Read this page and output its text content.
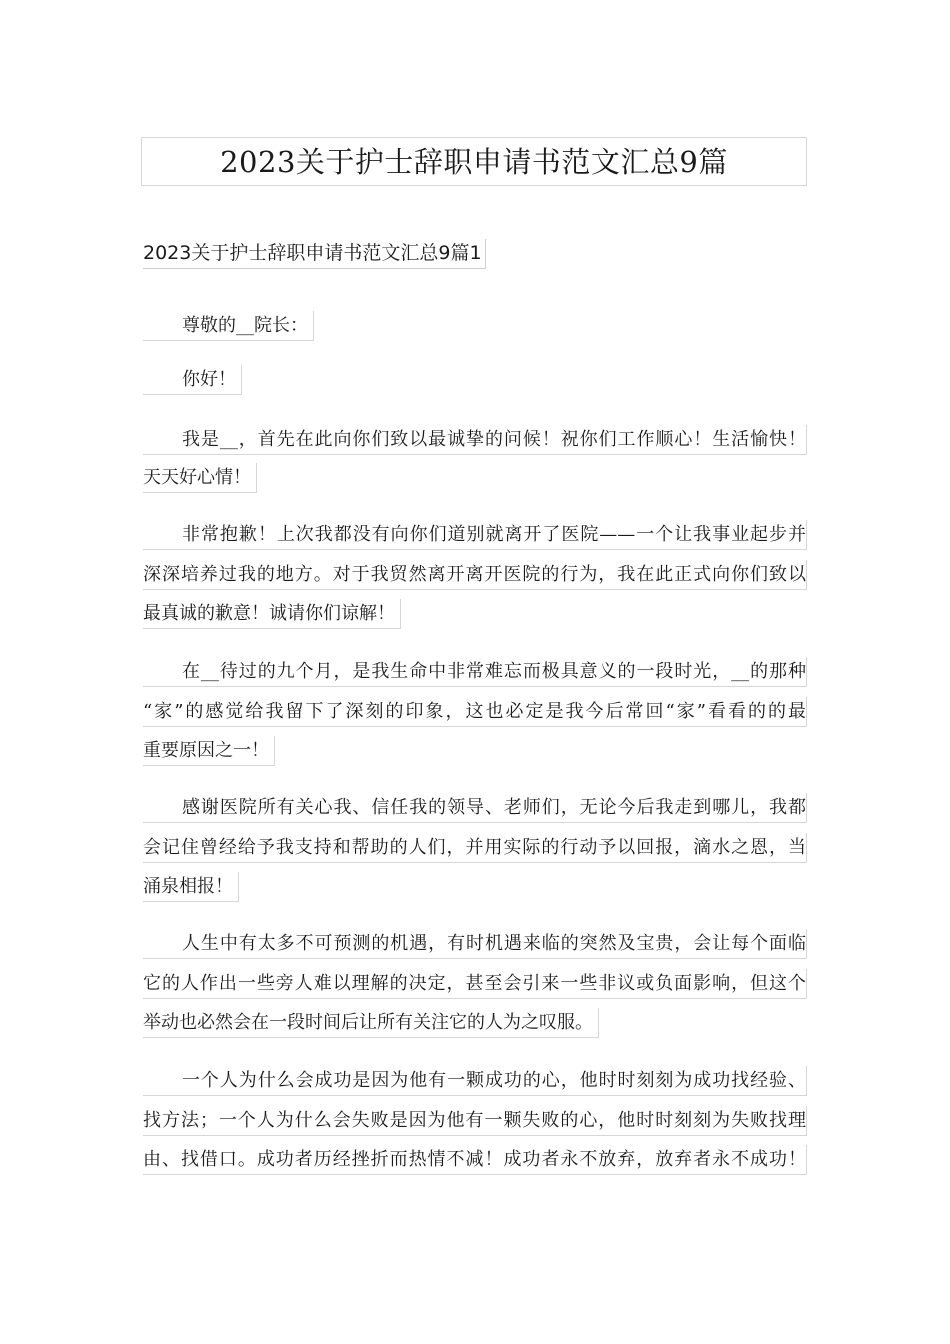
2023关于护士辞职申请书范文汇总9篇
2023关于护士辞职申请书范文汇总9篇1
尊敬的__院长：
你好！
我是__，首先在此向你们致以最诚挚的问候！祝你们工作顺心！生活愉快！
天天好心情！
非常抱歉！上次我都没有向你们道别就离开了医院——一个让我事业起步并
深深培养过我的地方。对于我贸然离开离开医院的行为，我在此正式向你们致以
最真诚的歉意！诚请你们谅解！
在__待过的九个月，是我生命中非常难忘而极具意义的一段时光，__的那种
“家”的感觉给我留下了深刻的印象，这也必定是我今后常回“家”看看的的最
重要原因之一！
感谢医院所有关心我、信任我的领导、老师们，无论今后我走到哪儿，我都
会记住曾经给予我支持和帮助的人们，并用实际的行动予以回报，滴水之恩，当
涌泉相报！
人生中有太多不可预测的机遇，有时机遇来临的突然及宝贵，会让每个面临
它的人作出一些旁人难以理解的决定，甚至会引来一些非议或负面影响，但这个
举动也必然会在一段时间后让所有关注它的人为之叹服。
一个人为什么会成功是因为他有一颗成功的心，他时时刻刻为成功找经验、
找方法；一个人为什么会失败是因为他有一颗失败的心，他时时刻刻为失败找理
由、找借口。成功者历经挫折而热情不减！成功者永不放弃，放弃者永不成功！
